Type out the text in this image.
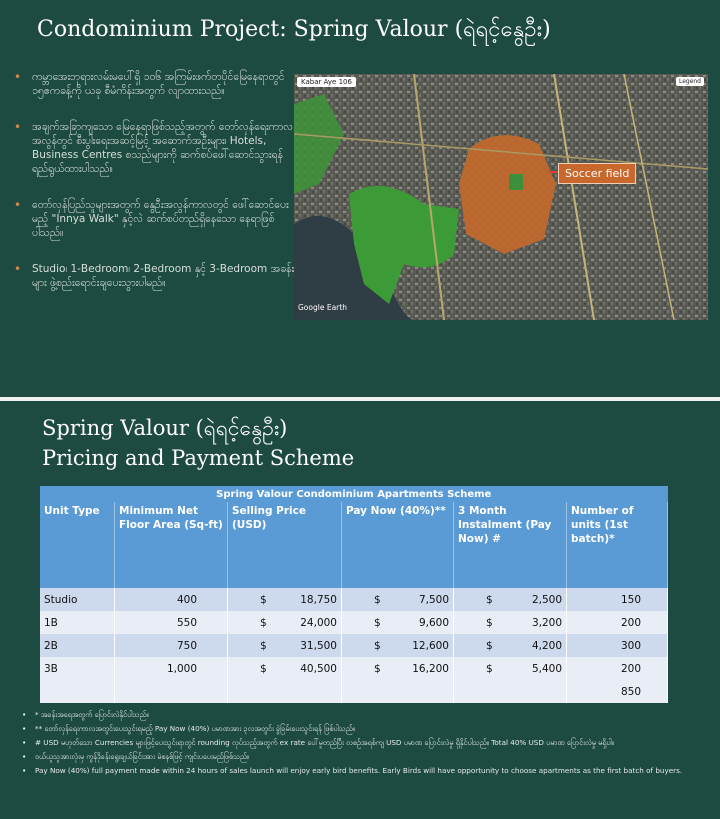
Condominium Project: Spring Valour (ရဲရင့်နွေဦး)
• ကမ္ဘာအေးဘုရားလမ်းမပေါ်ရှိ ၁၀၆ အကြမ်းဖက်တပိုင်မြေနေရာတွင် ၁၅ဧကခန့်ကို ယခု စီမံကိန်းအတွက် လျာထားသည်။
• အချက်အခြာကျသော မြေနေရာဖြစ်သည့်အတွက် တော်လှန်ရေးကာလအလွန်တွင် စီးပွါးရေးအဆင့်မြင့် အဆောက်အဦးများ၊ Hotels, Business Centres စသည်များကို ဆက်စပ်ဖေါ်ဆောင်သွားရန် ရည်ရွယ်ထားပါသည်။
• တော်လှန်ပြည်သူများအတွက် နွေဦးအလွန်ကာလတွင် ဖေါ်ဆောင်ပေးမည့် "Innya Walk" နှင့်လဲ ဆက်စပ်တည်ရှိနေသော နေရာဖြစ်ပါသည်။
• Studio၊ 1-Bedroom၊ 2-Bedroom နှင့် 3-Bedroom အခန်းများ ဖွဲ့စည်းရောင်းချပေးသွားပါမည်။
Kabar Aye 106	Legend
Soccer field
Google Earth
Spring Valour (ရဲရင့်နွေဦး)
Pricing and Payment Scheme
Spring Valour Condominium Apartments Scheme					
Unit Type	Minimum Net Floor Area (Sq-ft)	Selling Price (USD)	Pay Now (40%)**	3 Month Instalment (Pay Now) #	Number of units (1st batch)*
Studio	400	$ 18,750	$ 7,500	$ 2,500	150
1B	550	$ 24,000	$ 9,600	$ 3,200	200
2B	750	$ 31,500	$ 12,600	$ 4,200	300
3B	1,000	$ 40,500	$ 16,200	$ 5,400	200
					850
• * အခန်းအရေအတွက် ပြောင်းလဲနိုင်ပါသည်။
• ** တော်လှန်ရေးကာလအတွင်းပေးသွင်းရမည့် Pay Now (40%) ပမာဏအား ၃လအတွင်း ခွဲခြမ်းပေးသွင်းရန် ဖြစ်ပါသည်။
• # USD မဟုတ်သော Currencies များဖြင့်ပေးသွင်းရာတွင် rounding လုပ်သည့်အတွက် ex rate ပေါ်မူတည်ပြီး လစဉ်အရစ်ကျ USD ပမာဏ ပြောင်းလဲမှု ရှိနိုင်ပါသည်။ Total 40% USD ပမာဏ ပြောင်းလဲမှု မရှိပါ။
• ဝယ်ယူသူအားလုံးမှ ကွန်ဒိုခန်းရွေးချယ်ခြင်းအား မဲစနစ်ဖြင့် ကျင်းပပေးမည်ဖြစ်သည်။
• Pay Now (40%) full payment made within 24 hours of sales launch will enjoy early bird benefits. Early Birds will have opportunity to choose apartments as the first batch of buyers.
